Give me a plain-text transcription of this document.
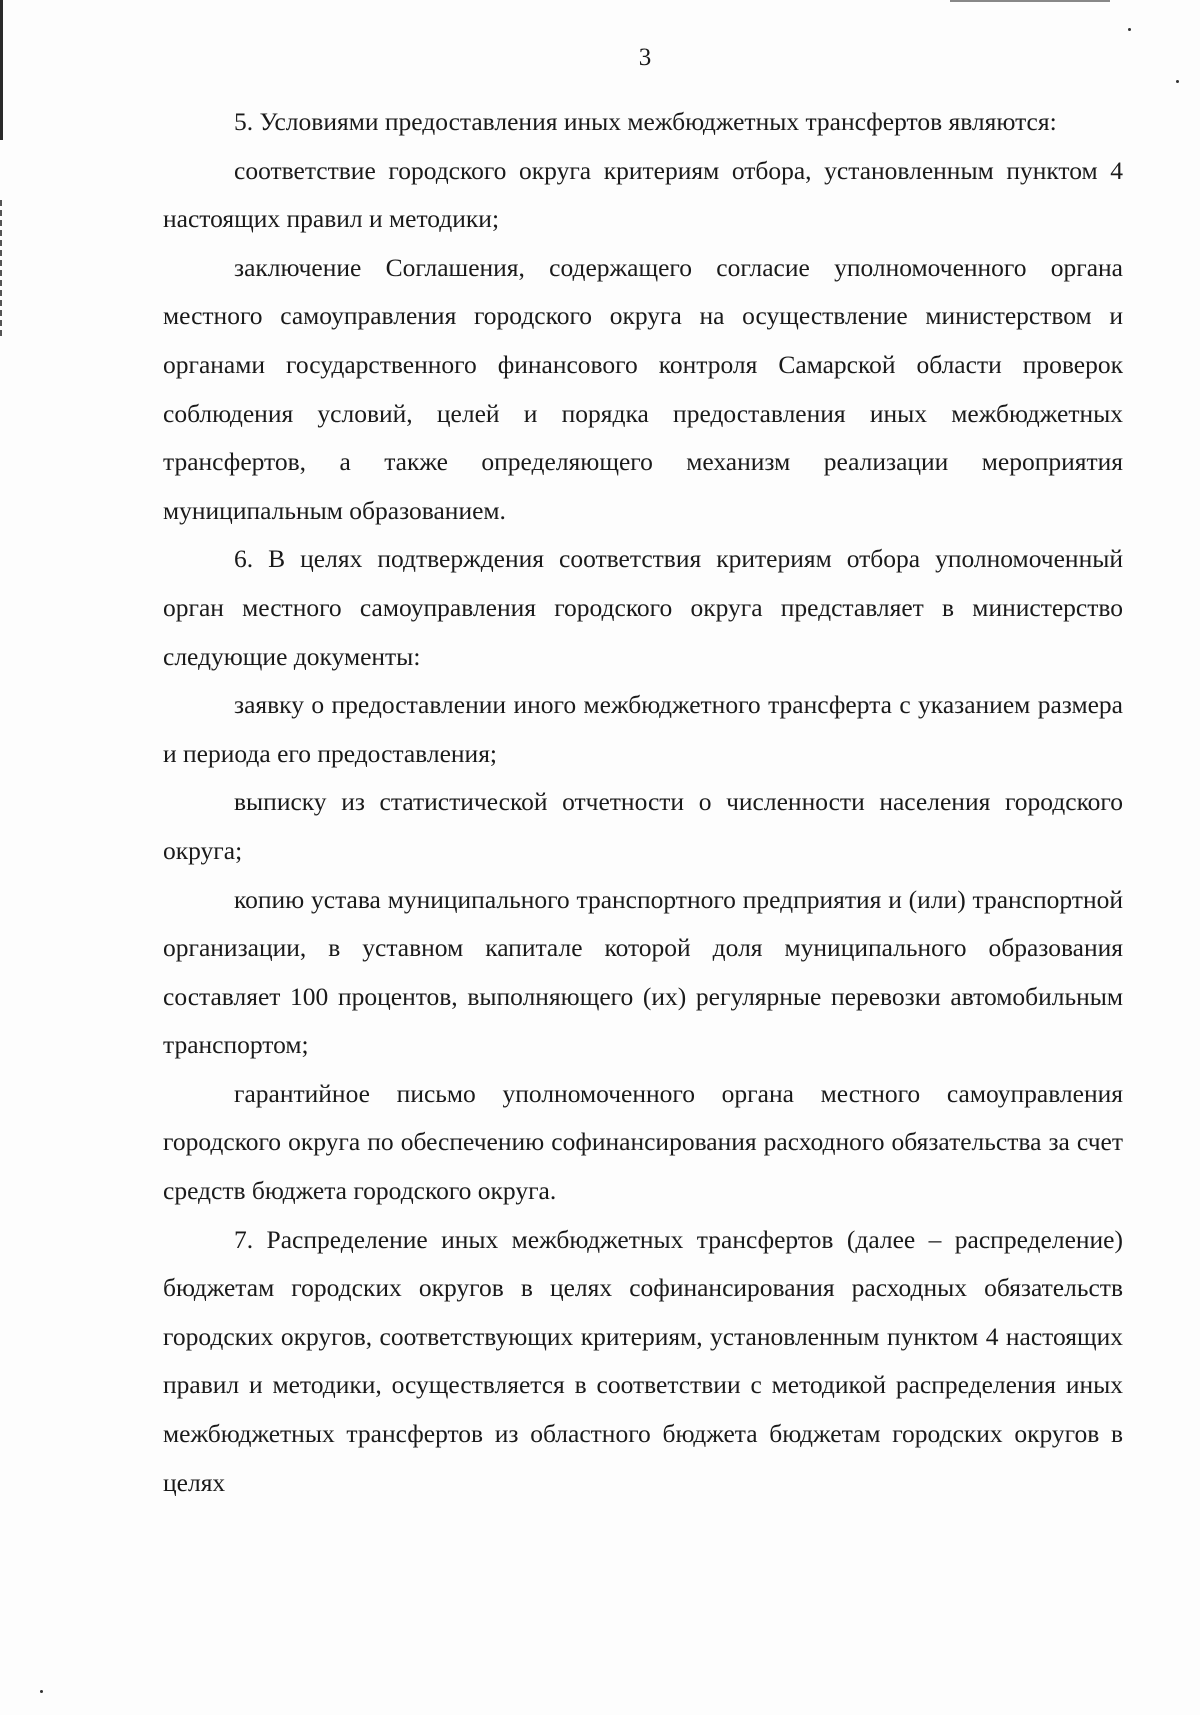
3

5. Условиями предоставления иных межбюджетных трансфертов являются:

соответствие городского округа критериям отбора, установленным пунктом 4 настоящих правил и методики;

заключение Соглашения, содержащего согласие уполномоченного органа местного самоуправления городского округа на осуществление министерством и органами государственного финансового контроля Самарской области проверок соблюдения условий, целей и порядка предоставления иных межбюджетных трансфертов, а также определяющего механизм реализации мероприятия муниципальным образованием.

6. В целях подтверждения соответствия критериям отбора уполномоченный орган местного самоуправления городского округа представляет в министерство следующие документы:

заявку о предоставлении иного межбюджетного трансферта с указанием размера и периода его предоставления;

выписку из статистической отчетности о численности населения городского округа;

копию устава муниципального транспортного предприятия и (или) транспортной организации, в уставном капитале которой доля муниципального образования составляет 100 процентов, выполняющего (их) регулярные перевозки автомобильным транспортом;

гарантийное письмо уполномоченного органа местного самоуправления городского округа по обеспечению софинансирования расходного обязательства за счет средств бюджета городского округа.

7. Распределение иных межбюджетных трансфертов (далее – распределение) бюджетам городских округов в целях софинансирования расходных обязательств городских округов, соответствующих критериям, установленным пунктом 4 настоящих правил и методики, осуществляется в соответствии с методикой распределения иных межбюджетных трансфертов из областного бюджета бюджетам городских округов в целях
